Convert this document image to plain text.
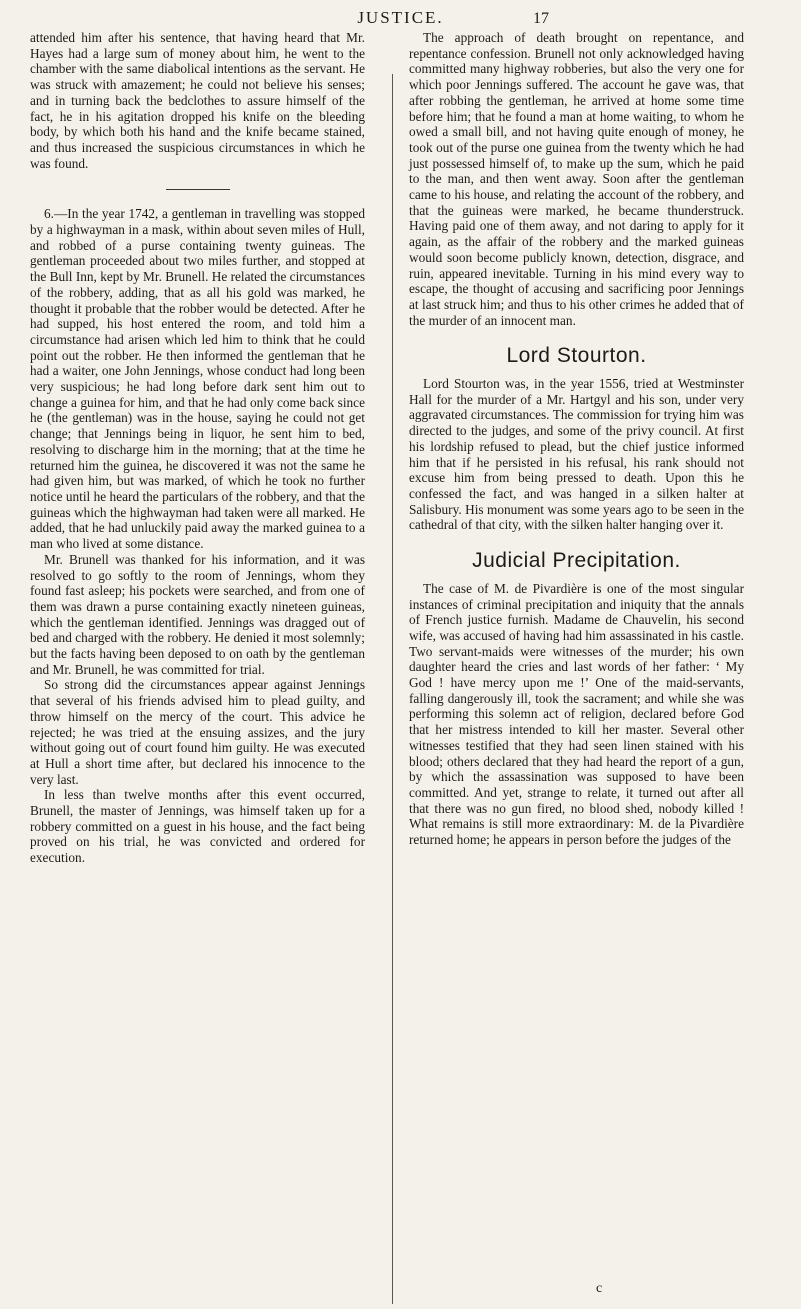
JUSTICE.	17

attended him after his sentence, that having heard that Mr. Hayes had a large sum of money about him, he went to the chamber with the same diabolical intentions as the servant. He was struck with amazement; he could not believe his senses; and in turning back the bedclothes to assure himself of the fact, he in his agitation dropped his knife on the bleeding body, by which both his hand and the knife became stained, and thus increased the suspicious circumstances in which he was found.

6.—In the year 1742, a gentleman in travelling was stopped by a highwayman in a mask, within about seven miles of Hull, and robbed of a purse containing twenty guineas. The gentleman proceeded about two miles further, and stopped at the Bull Inn, kept by Mr. Brunell. He related the circumstances of the robbery, adding, that as all his gold was marked, he thought it probable that the robber would be detected. After he had supped, his host entered the room, and told him a circumstance had arisen which led him to think that he could point out the robber. He then informed the gentleman that he had a waiter, one John Jennings, whose conduct had long been very suspicious; he had long before dark sent him out to change a guinea for him, and that he had only come back since he (the gentleman) was in the house, saying he could not get change; that Jennings being in liquor, he sent him to bed, resolving to discharge him in the morning; that at the time he returned him the guinea, he discovered it was not the same he had given him, but was marked, of which he took no further notice until he heard the particulars of the robbery, and that the guineas which the highwayman had taken were all marked. He added, that he had unluckily paid away the marked guinea to a man who lived at some distance.

Mr. Brunell was thanked for his information, and it was resolved to go softly to the room of Jennings, whom they found fast asleep; his pockets were searched, and from one of them was drawn a purse containing exactly nineteen guineas, which the gentleman identified. Jennings was dragged out of bed and charged with the robbery. He denied it most solemnly; but the facts having been deposed to on oath by the gentleman and Mr. Brunell, he was committed for trial.

So strong did the circumstances appear against Jennings that several of his friends advised him to plead guilty, and throw himself on the mercy of the court. This advice he rejected; he was tried at the ensuing assizes, and the jury without going out of court found him guilty. He was executed at Hull a short time after, but declared his innocence to the very last.

In less than twelve months after this event occurred, Brunell, the master of Jennings, was himself taken up for a robbery committed on a guest in his house, and the fact being proved on his trial, he was convicted and ordered for execution.

The approach of death brought on repentance, and repentance confession. Brunell not only acknowledged having committed many highway robberies, but also the very one for which poor Jennings suffered. The account he gave was, that after robbing the gentleman, he arrived at home some time before him; that he found a man at home waiting, to whom he owed a small bill, and not having quite enough of money, he took out of the purse one guinea from the twenty which he had just possessed himself of, to make up the sum, which he paid to the man, and then went away. Soon after the gentleman came to his house, and relating the account of the robbery, and that the guineas were marked, he became thunderstruck. Having paid one of them away, and not daring to apply for it again, as the affair of the robbery and the marked guineas would soon become publicly known, detection, disgrace, and ruin, appeared inevitable. Turning in his mind every way to escape, the thought of accusing and sacrificing poor Jennings at last struck him; and thus to his other crimes he added that of the murder of an innocent man.

Lord Stourton.

Lord Stourton was, in the year 1556, tried at Westminster Hall for the murder of a Mr. Hartgyl and his son, under very aggravated circumstances. The commission for trying him was directed to the judges, and some of the privy council. At first his lordship refused to plead, but the chief justice informed him that if he persisted in his refusal, his rank should not excuse him from being pressed to death. Upon this he confessed the fact, and was hanged in a silken halter at Salisbury. His monument was some years ago to be seen in the cathedral of that city, with the silken halter hanging over it.

Judicial Precipitation.

The case of M. de Pivardière is one of the most singular instances of criminal precipitation and iniquity that the annals of French justice furnish. Madame de Chauvelin, his second wife, was accused of having had him assassinated in his castle. Two servant-maids were witnesses of the murder; his own daughter heard the cries and last words of her father: ‘ My God ! have mercy upon me !’ One of the maid-servants, falling dangerously ill, took the sacrament; and while she was performing this solemn act of religion, declared before God that her mistress intended to kill her master. Several other witnesses testified that they had seen linen stained with his blood; others declared that they had heard the report of a gun, by which the assassination was supposed to have been committed. And yet, strange to relate, it turned out after all that there was no gun fired, no blood shed, nobody killed ! What remains is still more extraordinary: M. de la Pivardière returned home; he appears in person before the judges of the

c
